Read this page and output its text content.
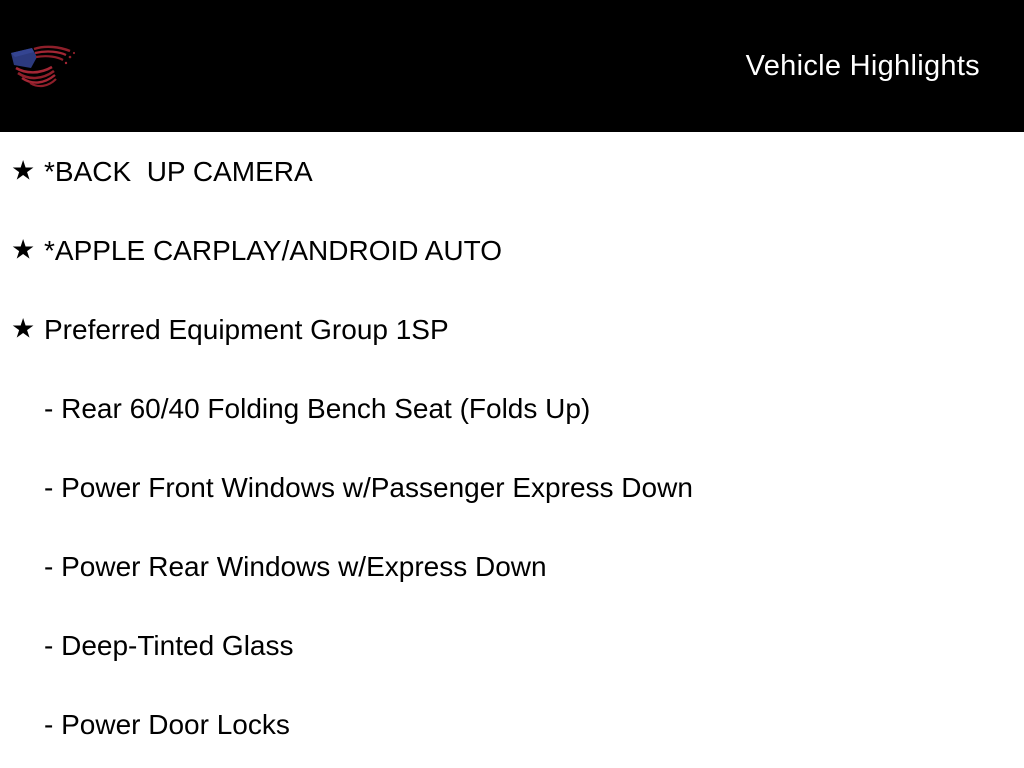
Vehicle Highlights
★ *BACK  UP CAMERA
★ *APPLE CARPLAY/ANDROID AUTO
★ Preferred Equipment Group 1SP
- Rear 60/40 Folding Bench Seat (Folds Up)
- Power Front Windows w/Passenger Express Down
- Power Rear Windows w/Express Down
- Deep-Tinted Glass
- Power Door Locks
